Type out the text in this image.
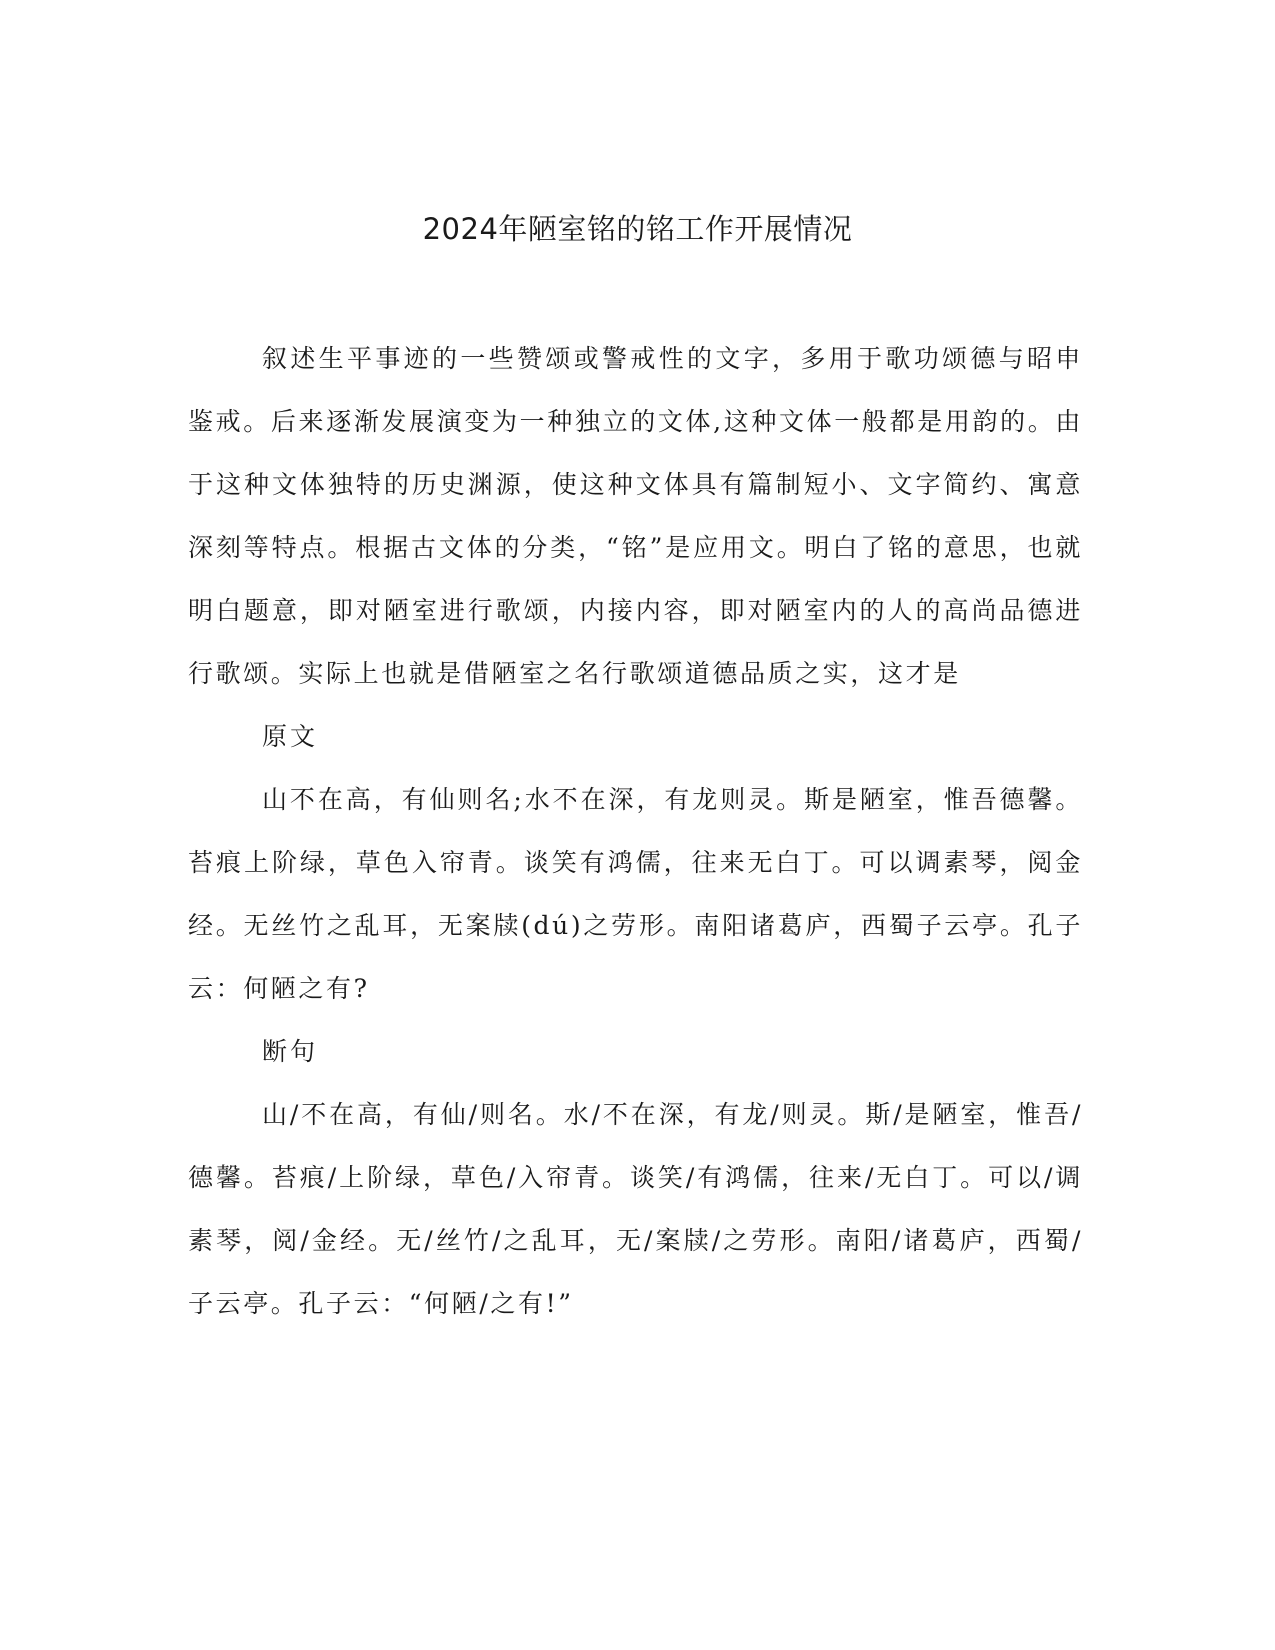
2024年陋室铭的铭工作开展情况

叙述生平事迹的一些赞颂或警戒性的文字，多用于歌功颂德与昭申鉴戒。后来逐渐发展演变为一种独立的文体,这种文体一般都是用韵的。由于这种文体独特的历史渊源，使这种文体具有篇制短小、文字简约、寓意深刻等特点。根据古文体的分类，“铭”是应用文。明白了铭的意思，也就明白题意，即对陋室进行歌颂，内接内容，即对陋室内的人的高尚品德进行歌颂。实际上也就是借陋室之名行歌颂道德品质之实，这才是

原文

山不在高，有仙则名;水不在深，有龙则灵。斯是陋室，惟吾德馨。苔痕上阶绿，草色入帘青。谈笑有鸿儒，往来无白丁。可以调素琴，阅金经。无丝竹之乱耳，无案牍(dú)之劳形。南阳诸葛庐，西蜀子云亭。孔子云：何陋之有?

断句

山/不在高，有仙/则名。水/不在深，有龙/则灵。斯/是陋室，惟吾/德馨。苔痕/上阶绿，草色/入帘青。谈笑/有鸿儒，往来/无白丁。可以/调素琴，阅/金经。无/丝竹/之乱耳，无/案牍/之劳形。南阳/诸葛庐，西蜀/子云亭。孔子云：“何陋/之有!”
